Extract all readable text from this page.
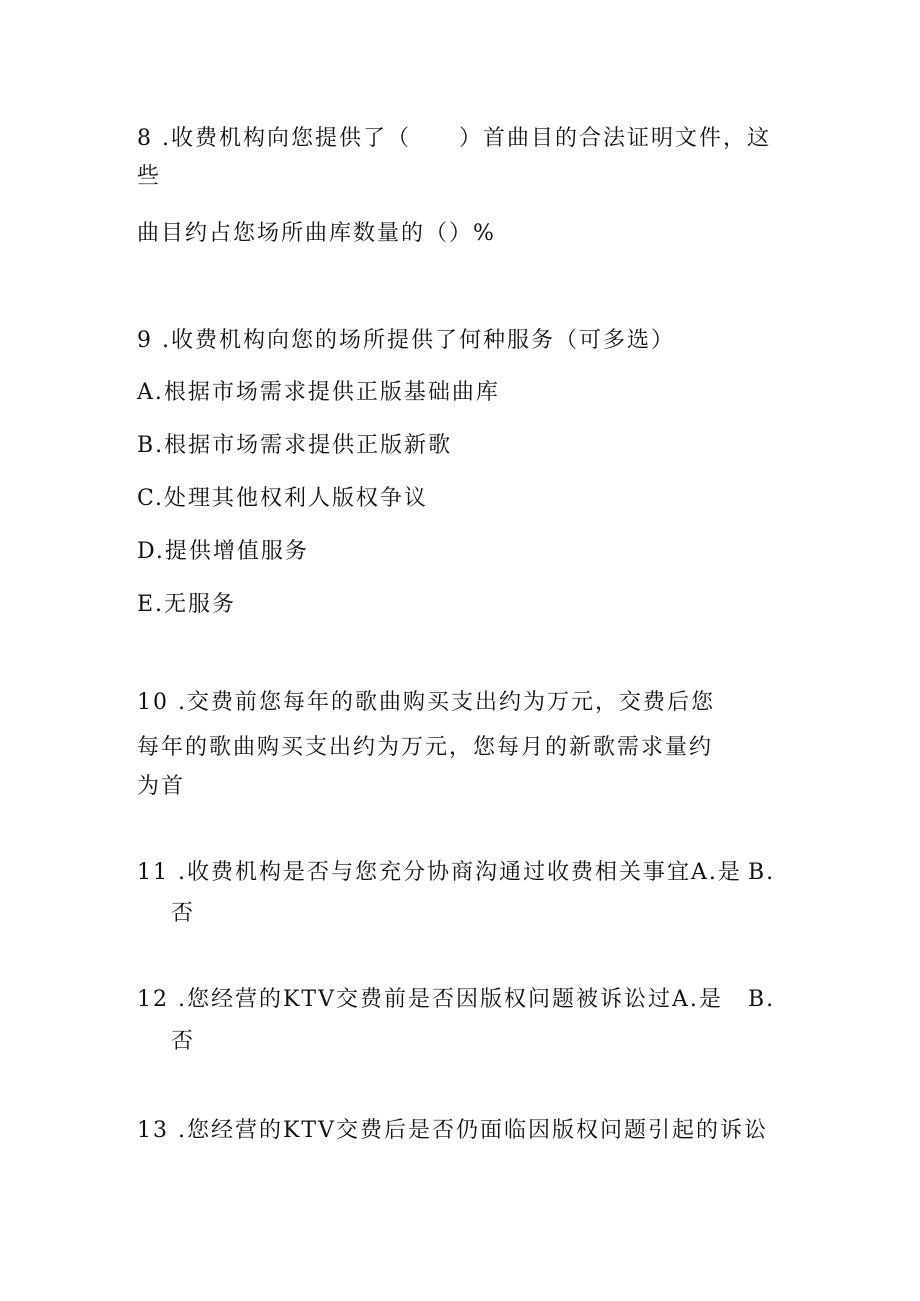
8 .收费机构向您提供了（　　）首曲目的合法证明文件，这
些
曲目约占您场所曲库数量的（）%
9 .收费机构向您的场所提供了何种服务（可多选）
A.根据市场需求提供正版基础曲库
B.根据市场需求提供正版新歌
C.处理其他权利人版权争议
D.提供增值服务
E.无服务
10 .交费前您每年的歌曲购买支出约为万元，交费后您
每年的歌曲购买支出约为万元，您每月的新歌需求量约
为首
11 .收费机构是否与您充分协商沟通过收费相关事宜A.是 B.
否
12 .您经营的KTV交费前是否因版权问题被诉讼过A.是 B.
否
13 .您经营的KTV交费后是否仍面临因版权问题引起的诉讼
